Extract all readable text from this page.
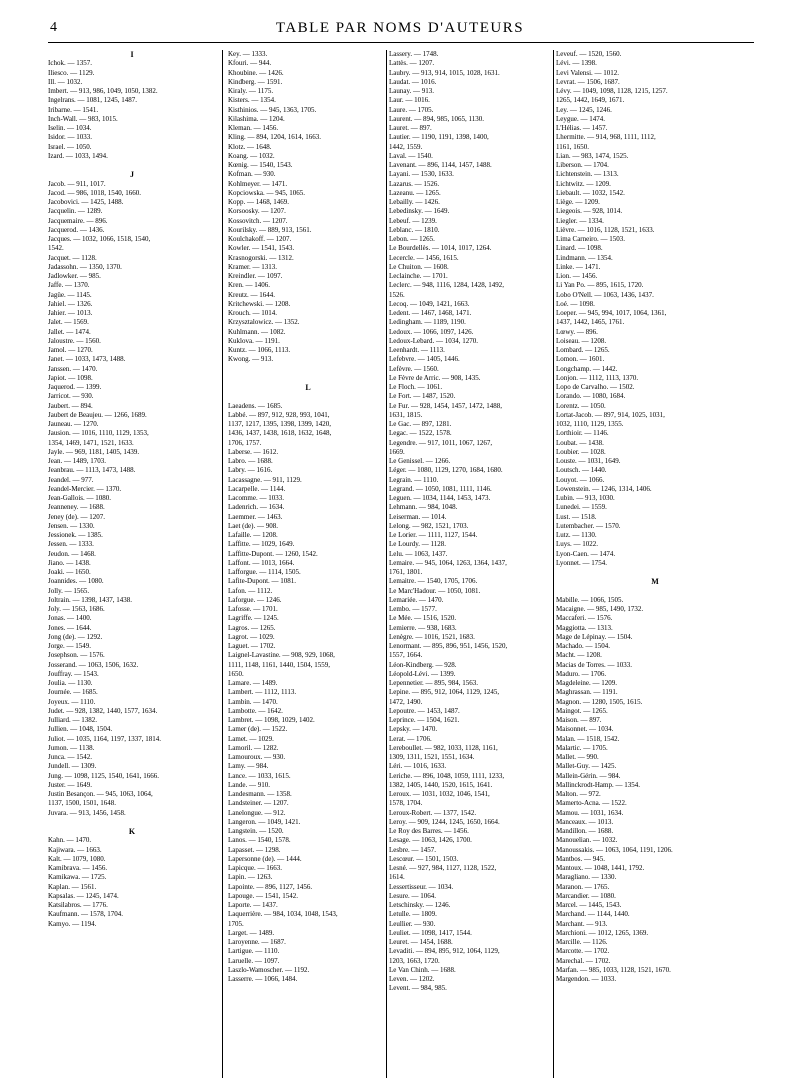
4	TABLE PAR NOMS D'AUTEURS
I
Ichok. — 1357.
Iliesco. — 1129.
Ill. — 1032.
Imbert. — 913, 986, 1049, 1050, 1382.
Ingelrans. — 1081, 1245, 1487.
Iribarne. — 1541.
Inch-Wall. — 983, 1015.
Iselin. — 1034.
Isidor. — 1033.
Israel. — 1050.
Izard. — 1033, 1494.
J
Jacob. — 911, 1017.
Jacod. — 986, 1018, 1540, 1660.
Jacobovici. — 1425, 1488.
Jacquelin. — 1289.
Jacquemaire. — 896.
Jacquerod. — 1436.
Jacques. — 1032, 1066, 1518, 1540,
1542.
Jacquet. — 1128.
Jadassohn. — 1350, 1370.
Jadlowker. — 985.
Jaffe. — 1370.
Jagüe. — 1145.
Jahiel. — 1326.
Jahier. — 1013.
Jalet. — 1569.
Jallet. — 1474.
Jaloustre. — 1560.
Jamol. — 1270.
Janet. — 1033, 1473, 1488.
Janssen. — 1470.
Japiot. — 1098.
Jaquerod. — 1399.
Jarricot. — 930.
Jaubert. — 894.
Jaubert de Beaujeu. — 1266, 1689.
Jauneau. — 1270.
Jausion. — 1016, 1110, 1129, 1353,
1354, 1469, 1471, 1521, 1633.
Jayle. — 969, 1181, 1405, 1439.
Jean. — 1489, 1703.
Jeanbrau. — 1113, 1473, 1488.
Jeandel. — 977.
Jeandel-Mercier. — 1370.
Jean-Gallois. — 1080.
Jeanneney. — 1688.
Jeney (de). — 1207.
Jensen. — 1330.
Jessionek. — 1385.
Jessen. — 1333.
Jeudon. — 1468.
Jiano. — 1438.
Joaki. — 1650.
Joannides. — 1080.
Jolly. — 1565.
Joltrain. — 1398, 1437, 1438.
Joly. — 1563, 1686.
Jonas. — 1400.
Jones. — 1644.
Jong (de). — 1292.
Jorge. — 1549.
Josephson. — 1576.
Josserand. — 1063, 1506, 1632.
Jouffray. — 1543.
Joulia. — 1130.
Journée. — 1685.
Joyeux. — 1110.
Judet. — 928, 1382, 1440, 1577, 1634.
Julliard. — 1382.
Jullien. — 1048, 1504.
Juliot. — 1035, 1164, 1197, 1337, 1814.
Jumon. — 1138.
Junca. — 1542.
Jundell. — 1309.
Jung. — 1098, 1125, 1540, 1641, 1666.
Juster. — 1649.
Justin Besançon. — 945, 1063, 1064,
1137, 1500, 1501, 1648.
Juvara. — 913, 1456, 1458.
K
Kahn. — 1470.
Kajiwara. — 1663.
Kalt. — 1079, 1080.
Kamibrava. — 1456.
Kamikawa. — 1725.
Kaplan. — 1561.
Kapsalas. — 1245, 1474.
Katsilabros. — 1776.
Kaufmann. — 1578, 1704.
Kamyo. — 1194.
Key. — 1333.
Kfouri. — 944.
Khoubine. — 1426.
Kindberg. — 1591.
Kiraly. — 1175.
Kisters. — 1354.
Kisthinios. — 945, 1363, 1705.
Kilashima. — 1204.
Kleman. — 1456.
Kling. — 894, 1204, 1614, 1663.
Klotz. — 1648.
Koang. — 1032.
Kœnig. — 1540, 1543.
Kofman. — 930.
Kohlmeyer. — 1471.
Kopciowska. — 945, 1065.
Kopp. — 1468, 1469.
Korsoosky. — 1207.
Kossovitch. — 1207.
Kourilsky. — 889, 913, 1561.
Koulchakoff. — 1207.
Kowler. — 1541, 1543.
Krasnogorski. — 1312.
Kramer. — 1313.
Kreindler. — 1097.
Kren. — 1406.
Kreutz. — 1644.
Kritchewski. — 1208.
Krouch. — 1014.
Krzysztalowicz. — 1352.
Kuhlmann. — 1082.
Kuklova. — 1191.
Kuntz. — 1066, 1113.
Kwong. — 913.
L
Laeadens. — 1685.
Labbé. — 897, 912, 928, 993, 1041,
1137, 1217, 1395, 1398, 1399, 1420,
1436, 1437, 1438, 1618, 1632, 1648,
1706, 1757.
Laberse. — 1612.
Labro. — 1688.
Labry. — 1616.
Lacassagne. — 911, 1129.
Lacarpelle. — 1144.
Lacomme. — 1033.
Ladenrich. — 1634.
Laemmer. — 1463.
Laet (de). — 908.
Lafaille. — 1208.
Laffitte. — 1029, 1649.
Laffitte-Dupont. — 1260, 1542.
Laffont. — 1013, 1664.
Lafforgue. — 1114, 1505.
Lafite-Dupont. — 1081.
Lafon. — 1112.
Laforgue. — 1246.
Lafosse. — 1701.
Lagriffe. — 1245.
Lagros. — 1265.
Lagrot. — 1029.
Laguet. — 1702.
Laignel-Lavastine. — 908, 929, 1068,
1111, 1148, 1161, 1440, 1504, 1559,
1650.
Lamare. — 1489.
Lambert. — 1112, 1113.
Lambin. — 1470.
Lambotte. — 1642.
Lambret. — 1098, 1029, 1402.
Lamer (de). — 1522.
Lamet. — 1029.
Lamoril. — 1282.
Lamouroux. — 930.
Lamy. — 984.
Lance. — 1033, 1615.
Lande. — 910.
Landesmann. — 1358.
Landsteiner. — 1207.
Lanelongue. — 912.
Langeron. — 1049, 1421.
Langstein. — 1520.
Lanos. — 1540, 1578.
Lapasset. — 1298.
Lapersonne (de). — 1444.
Lapicque. — 1663.
Lapin. — 1263.
Lapointe. — 896, 1127, 1456.
Lapouge. — 1541, 1542.
Laporte. — 1437.
Laquerrière. — 984, 1034, 1048, 1543,
1705.
Larget. — 1489.
Laroyenne. — 1687.
Lartigue. — 1110.
Laruelle. — 1097.
Laszlo-Wamoscher. — 1192.
Lasserre. — 1066, 1484.
Lassery. — 1748.
Lattès. — 1207.
Laubry. — 913, 914, 1015, 1028, 1631.
Laudat. — 1016.
Launay. — 913.
Laur. — 1016.
Laure. — 1705.
Laurent. — 894, 985, 1065, 1130.
Lauret. — 897.
Lautier. — 1190, 1191, 1398, 1400,
1442, 1559.
Laval. — 1540.
Lavenant. — 896, 1144, 1457, 1488.
Layani. — 1530, 1633.
Lazarus. — 1526.
Lazeanu. — 1265.
Lebailly. — 1426.
Lebedinsky. — 1649.
Lebeuf. — 1239.
Leblanc. — 1810.
Lebon. — 1265.
Le Bourdellès. — 1014, 1017, 1264.
Lecercle. — 1456, 1615.
Le Chuiton. — 1608.
Leclainche. — 1701.
Leclerc. — 948, 1116, 1284, 1428, 1492,
1526.
Lecoq. — 1049, 1421, 1663.
Ledent. — 1467, 1468, 1471.
Ledingham. — 1189, 1190.
Ledoux. — 1066, 1097, 1426.
Ledoux-Lebard. — 1034, 1270.
Leenhardt. — 1113.
Lefebvre. — 1405, 1446.
Lefèvre. — 1560.
Le Fèvre de Arric. — 908, 1435.
Le Floch. — 1061.
Le Fort. — 1487, 1520.
Le Fur. — 928, 1454, 1457, 1472, 1488,
1631, 1815.
Le Gac. — 897, 1281.
Legac. — 1522, 1578.
Legendre. — 917, 1011, 1067, 1267,
1669.
Le Genissel. — 1266.
Léger. — 1080, 1129, 1270, 1684, 1680.
Legrain. — 1110.
Legrand. — 1050, 1081, 1111, 1146.
Leguen. — 1034, 1144, 1453, 1473.
Lehmann. — 984, 1048.
Leiserman. — 1014.
Lelong. — 982, 1521, 1703.
Le Lorier. — 1111, 1127, 1544.
Le Lourdy. — 1128.
Lelu. — 1063, 1437.
Lemaire. — 945, 1064, 1263, 1364, 1437,
1761, 1801.
Lemaitre. — 1540, 1705, 1706.
Le Marc'Hadour. — 1050, 1081.
Lemariée. — 1470.
Lembo. — 1577.
Le Mée. — 1516, 1520.
Lemierre. — 938, 1683.
Lenègre. — 1016, 1521, 1683.
Lenormant. — 895, 896, 951, 1456, 1520,
1557, 1664.
Léon-Kindberg. — 928.
Léopold-Lévi. — 1399.
Lepennetier. — 895, 984, 1563.
Lepine. — 895, 912, 1064, 1129, 1245,
1472, 1490.
Lepoutre. — 1453, 1487.
Leprince. — 1504, 1621.
Lepsky. — 1470.
Lerat. — 1706.
Lereboullet. — 982, 1033, 1128, 1161,
1309, 1311, 1521, 1551, 1634.
Léri. — 1016, 1633.
Leriche. — 896, 1048, 1059, 1111, 1233,
1382, 1405, 1440, 1520, 1615, 1641.
Leroux. — 1031, 1032, 1046, 1541,
1578, 1704.
Leroux-Robert. — 1377, 1542.
Leroy. — 909, 1244, 1245, 1650, 1664.
Le Roy des Barres. — 1456.
Lesage. — 1063, 1426, 1700.
Lesbre. — 1457.
Lescœur. — 1501, 1503.
Lesné. — 927, 984, 1127, 1128, 1522,
1614.
Lessertisseur. — 1034.
Lesure. — 1064.
Letschinsky. — 1246.
Letulle. — 1809.
Leullier. — 930.
Leuliet. — 1098, 1417, 1544.
Leuret. — 1454, 1688.
Levaditi. — 894, 895, 912, 1064, 1129,
1203, 1663, 1720.
Le Van Chinh. — 1688.
Leven. — 1202.
Levent. — 984, 985.
Leveuf. — 1520, 1560.
Lévi. — 1398.
Levi Valensi. — 1012.
Levrat. — 1506, 1687.
Lévy. — 1049, 1098, 1128, 1215, 1257.
1265, 1442, 1649, 1671.
Ley. — 1245, 1246.
Leygue. — 1474.
L'Hélias. — 1457.
Lhermitte. — 914, 968, 1111, 1112,
1161, 1650.
Lian. — 983, 1474, 1525.
Liberson. — 1704.
Lichtenstein. — 1313.
Lichtwitz. — 1209.
Liebault. — 1032, 1542.
Liège. — 1209.
Liegeois. — 928, 1014.
Liegler. — 1334.
Lièvre. — 1016, 1128, 1521, 1633.
Lima Carneiro. — 1503.
Linard. — 1098.
Lindmann. — 1354.
Linke. — 1471.
Lion. — 1456.
Li Yan Po. — 895, 1615, 1720.
Lobo O'Nell. — 1063, 1436, 1437.
Loé. — 1098.
Loeper. — 945, 994, 1017, 1064, 1361,
1437, 1442, 1465, 1761.
Lœwy. — 896.
Loiseau. — 1208.
Lombard. — 1265.
Lomon. — 1601.
Longchamp. — 1442.
Lonjon. — 1112, 1113, 1370.
Lopo de Carvalho. — 1502.
Lorando. — 1080, 1684.
Lorentz. — 1050.
Lortat-Jacob. — 897, 914, 1025, 1031,
1032, 1110, 1129, 1355.
Lorthioir. — 1146.
Loubat. — 1438.
Loubier. — 1028.
Louste. — 1031, 1649.
Loutsch. — 1440.
Louyot. — 1066.
Lowenstein. — 1246, 1314, 1406.
Lubin. — 913, 1030.
Lunedei. — 1559.
Lust. — 1518.
Lutembacher. — 1570.
Lutz. — 1130.
Luys. — 1022.
Lyon-Caen. — 1474.
Lyonnet. — 1754.
M
Mabille. — 1066, 1505.
Macaigne. — 985, 1490, 1732.
Maccaferi. — 1576.
Maggiotta. — 1313.
Mage de Lépinay. — 1504.
Machado. — 1504.
Macht. — 1208.
Macias de Torres. — 1033.
Maduro. — 1706.
Magdeleine. — 1209.
Maghrassan. — 1191.
Magnon. — 1280, 1505, 1615.
Maingot. — 1265.
Maison. — 897.
Maisonnet. — 1034.
Malan. — 1518, 1542.
Malartic. — 1705.
Mallet. — 990.
Mallet-Guy. — 1425.
Mallein-Gérin. — 984.
Mallinckrodt-Hamp. — 1354.
Malton. — 972.
Mamerto-Acna. — 1522.
Mamou. — 1031, 1634.
Manceaux. — 1013.
Mandillon. — 1688.
Manouelian. — 1032.
Manoussakis. — 1063, 1064, 1191, 1206.
Mantbos. — 945.
Mantoux. — 1048, 1441, 1792.
Maragliano. — 1330.
Maranon. — 1765.
Marcandier. — 1080.
Marcel. — 1445, 1543.
Marchand. — 1144, 1440.
Marchant. — 913.
Marchioni. — 1012, 1265, 1369.
Marcille. — 1126.
Marcotte. — 1702.
Marechal. — 1702.
Marfan. — 985, 1033, 1128, 1521, 1670.
Margendon. — 1033.
